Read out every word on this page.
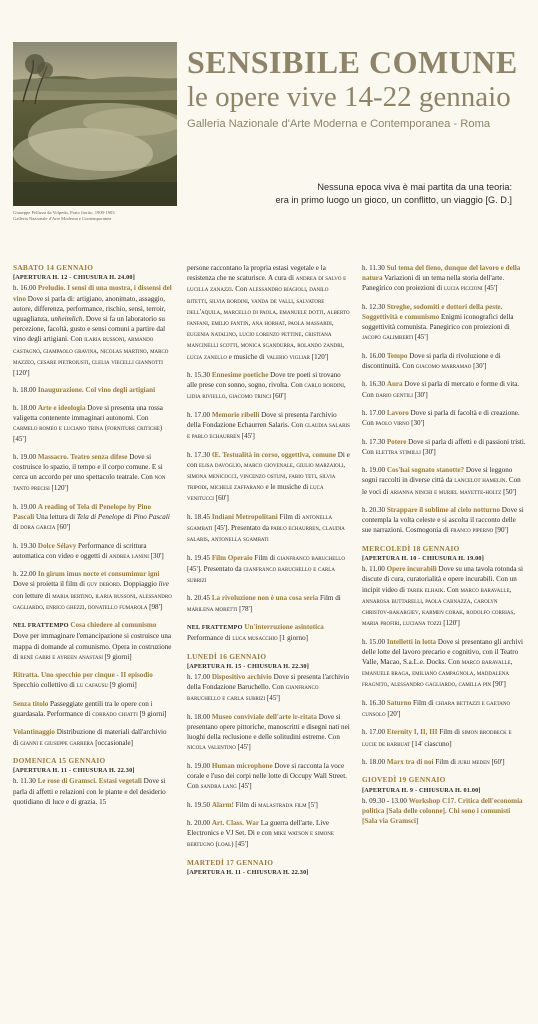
Giuseppe Pellizza da Volpedo, Prato fiorito, 1900-1903
Galleria Nazionale d'Arte Moderna e Contemporanea
SENSIBILE COMUNE
le opere vive 14-22 gennaio
Galleria Nazionale d'Arte Moderna e Contemporanea - Roma
Nessuna epoca viva è mai partita da una teoria:
era in primo luogo un gioco, un conflitto, un viaggio [G. D.]
SABATO 14 GENNAIO
[APERTURA H. 12 - CHIUSURA H. 24.00]
h. 16.00 Preludio. I sensi di una mostra, i dissensi del vino Dove si parla di: artigiano, anonimato, assaggio, autore, differenza, performance, rischio, sensi, terroir, uguaglianza, unheimlich. Dove si fa un laboratorio su percezione, facoltà, gusto e sensi comuni a partire dal vino degli artigiani. Con ilaria bussoni, armando castagno, giampaolo gravina, nicolas martino, marco mazzeo, cesare pietroiusti, clelia viecelli giannotti [120']
h. 18.00 Inaugurazione. Col vino degli artigiani
h. 18.00 Arte e ideologia Dove si presenta una rossa valigetta contenente immaginari autonomi. Con carmelo romeo e luciano trina (forniture critiche) [45']
h. 19.00 Massacro. Teatro senza difese Dove si costruisce lo spazio, il tempo e il corpo comune. E si cerca un accordo per uno spettacolo teatrale. Con non tanto precisi [120']
h. 19.00 A reading of Tela di Penelope by Pino Pascali Una lettura di Tela di Penelope di Pino Pascali di dora garcia [60']
h. 19.30 Dolce Sélavy Performance di scrittura automatica con video e oggetti di andrea lanini [30']
h. 22.00 In girum imus nocte et consumimur igni Dove si proietta il film di guy debord. Doppiaggio live con letture di maria bertino, ilaria bussoni, alessandro gagliardo, enrico ghezzi, donatello fumarola [98']
NEL FRATTEMPO Cosa chiedere al comunismo Dove per immaginare l'emancipazione si costruisce una mappa di domande al comunismo. Opera in costruzione di rené gabri e ayreen anastasi [9 giorni]
Ritratta. Uno specchio per cinque - II episodio Specchio collettivo di lu cafausu [9 giorni]
Senza titolo Passeggiate gentili tra le opere con i guardasala. Performance di corrado chiatti [9 giorni]
Volantinaggio Distribuzione di materiali dall'archivio di gianni e giuseppe garrera [occasionale]
DOMENICA 15 GENNAIO
[APERTURA H. 11 - CHIUSURA H. 22.30]
h. 11.30 Le rose di Gramsci. Estasi vegetali Dove si parla di affetti e relazioni con le piante e del desiderio quotidiano di luce e di grazia. 15
persone raccontano la propria estasi vegetale e la resistenza che ne scaturisce. A cura di andrea di salvo e lucilla zanazzi. Con alessandro biagioli, danilo bitetti, silvia bordini, vanda de valli, salvatore dell'aquila, marcello di paola, emanuele dotti, alberto fanfani, emilio fantin, ana horhat, paola massardi, eugenia natalino, lucio lorenzo pettine, cristiana mancinelli scotti, monica sgandurra, rolando zandri, lucia zanello e musiche di valerio vigliar [120']
h. 15.30 Ennesime poetiche Dove tre poeti si trovano alle prese con sonno, sogno, rivolta. Con carlo bordini, lidia riviello, giacomo trinci [60']
h. 17.00 Memorie ribelli Dove si presenta l'archivio della Fondazione Echaurren Salaris. Con claudia salaris e pablo echaurren [45']
h. 17.30 Œ. Testualità in corso, oggettiva, comune Di e con elisa davoglio, marco giovenale, giulio marzaioli, simona menicocci, vincenzo ostuni, fabio teti, silvia tripodi, michele zaffarano e le musiche di luca venitucci [60']
h. 18.45 Indiani Metropolitani Film di antonella sgambati [45']. Presentato da pablo echaurren, claudia salaris, antonella sgambati
h. 19.45 Film Operaio Film di gianfranco baruchello [45']. Presentato da gianfranco baruchello e carla subrizi
h. 20.45 La rivoluzione non è una cosa seria Film di marilena moretti [78']
NEL FRATTEMPO Un'interruzione asintotica Performance di luca musacchio [1 giorno]
LUNEDÌ 16 GENNAIO
[APERTURA H. 15 - CHIUSURA H. 22.30]
h. 17.00 Dispositivo archivio Dove si presenta l'archivio della Fondazione Baruchello. Con gianfranco baruchello e carla subrizi [45']
h. 18.00 Museo conviviale dell'arte ir-ritata Dove si presentano opere pittoriche, manoscritti e disegni nati nei luoghi della reclusione e delle solitudini estreme. Con nicola valentino [45']
h. 19.00 Human microphone Dove si racconta la voce corale e l'uso dei corpi nelle lotte di Occupy Wall Street. Con sandra lang [45']
h. 19.50 Alarm! Film di malastrada film [5']
h. 20.00 Art. Class. War La guerra dell'arte. Live Electronics e VJ Set. Di e con mike watson e simone bertugno (loal) [45']
MARTEDÌ 17 GENNAIO
[APERTURA H. 11 - CHIUSURA H. 22.30]
h. 11.30 Sul tema del fieno, dunque del lavoro e della natura Variazioni di un tema nella storia dell'arte. Panegirico con proiezioni di lucia piccioni [45']
h. 12.30 Streghe, sodomiti e dottori della peste. Soggettività e comunismo Enigmi iconografici della soggettività comunista. Panegirico con proiezioni di jacopo galimberti [45']
h. 16.00 Tempo Dove si parla di rivoluzione e di discontinuità. Con giacomo marramao [30']
h. 16.30 Aura Dove si parla di mercato e forme di vita. Con dario gentili [30']
h. 17.00 Lavoro Dove si parla di facoltà e di creazione. Con paolo virno [30']
h. 17.30 Potere Dove si parla di affetti e di passioni tristi. Con elettra stimilli [30']
h. 19.00 Cos'hai sognato stanotte? Dove si leggono sogni raccolti in diverse città da lancelot hamelin. Con le voci di arianna ninchi e muriel mayette-holtz [50']
h. 20.30 Strappare il sublime al cielo notturno Dove si contempla la volta celeste e si ascolta il racconto delle sue narrazioni. Cosmogonia di franco piperno [90']
MERCOLEDÌ 18 GENNAIO
[APERTURA H. 10 - CHIUSURA H. 19.00]
h. 11.00 Opere incurabili Dove su una tavola rotonda si discute di cura, curatorialità e opere incurabili. Con un incipit video di tarek elhaik. Con marco baravalle, annarosa buttarelli, paola carnazza, carolyn christov-bakargiev, karmen corak, rodolfo corrias, maria profiri, luciana tozzi [120']
h. 15.00 Intelletti in lotta Dove si presentano gli archivi delle lotte del lavoro precario e cognitivo, con il Teatro Valle, Macao, S.a.L.e. Docks. Con marco baravalle, emanuele braga, emiliano campagnola, maddalena fragnito, alessandro gagliardo, camilla pin [90']
h. 16.30 Saturno Film di chiara bettazzi e gaetano cunsolo [20']
h. 17.00 Eternity I, II, III Film di simon brodbeck e lucie de barbuat [14' ciascuno]
h. 18.00 Marx tra di noi Film di jurij meden [60']
GIOVEDÌ 19 GENNAIO
[APERTURA H. 9 - CHIUSURA H. 01.00]
h. 09.30 - 13.00 Workshop C17. Critica dell'economia politica [Sala delle colonne]. Chi sono i comunisti [Sala via Gramsci]
